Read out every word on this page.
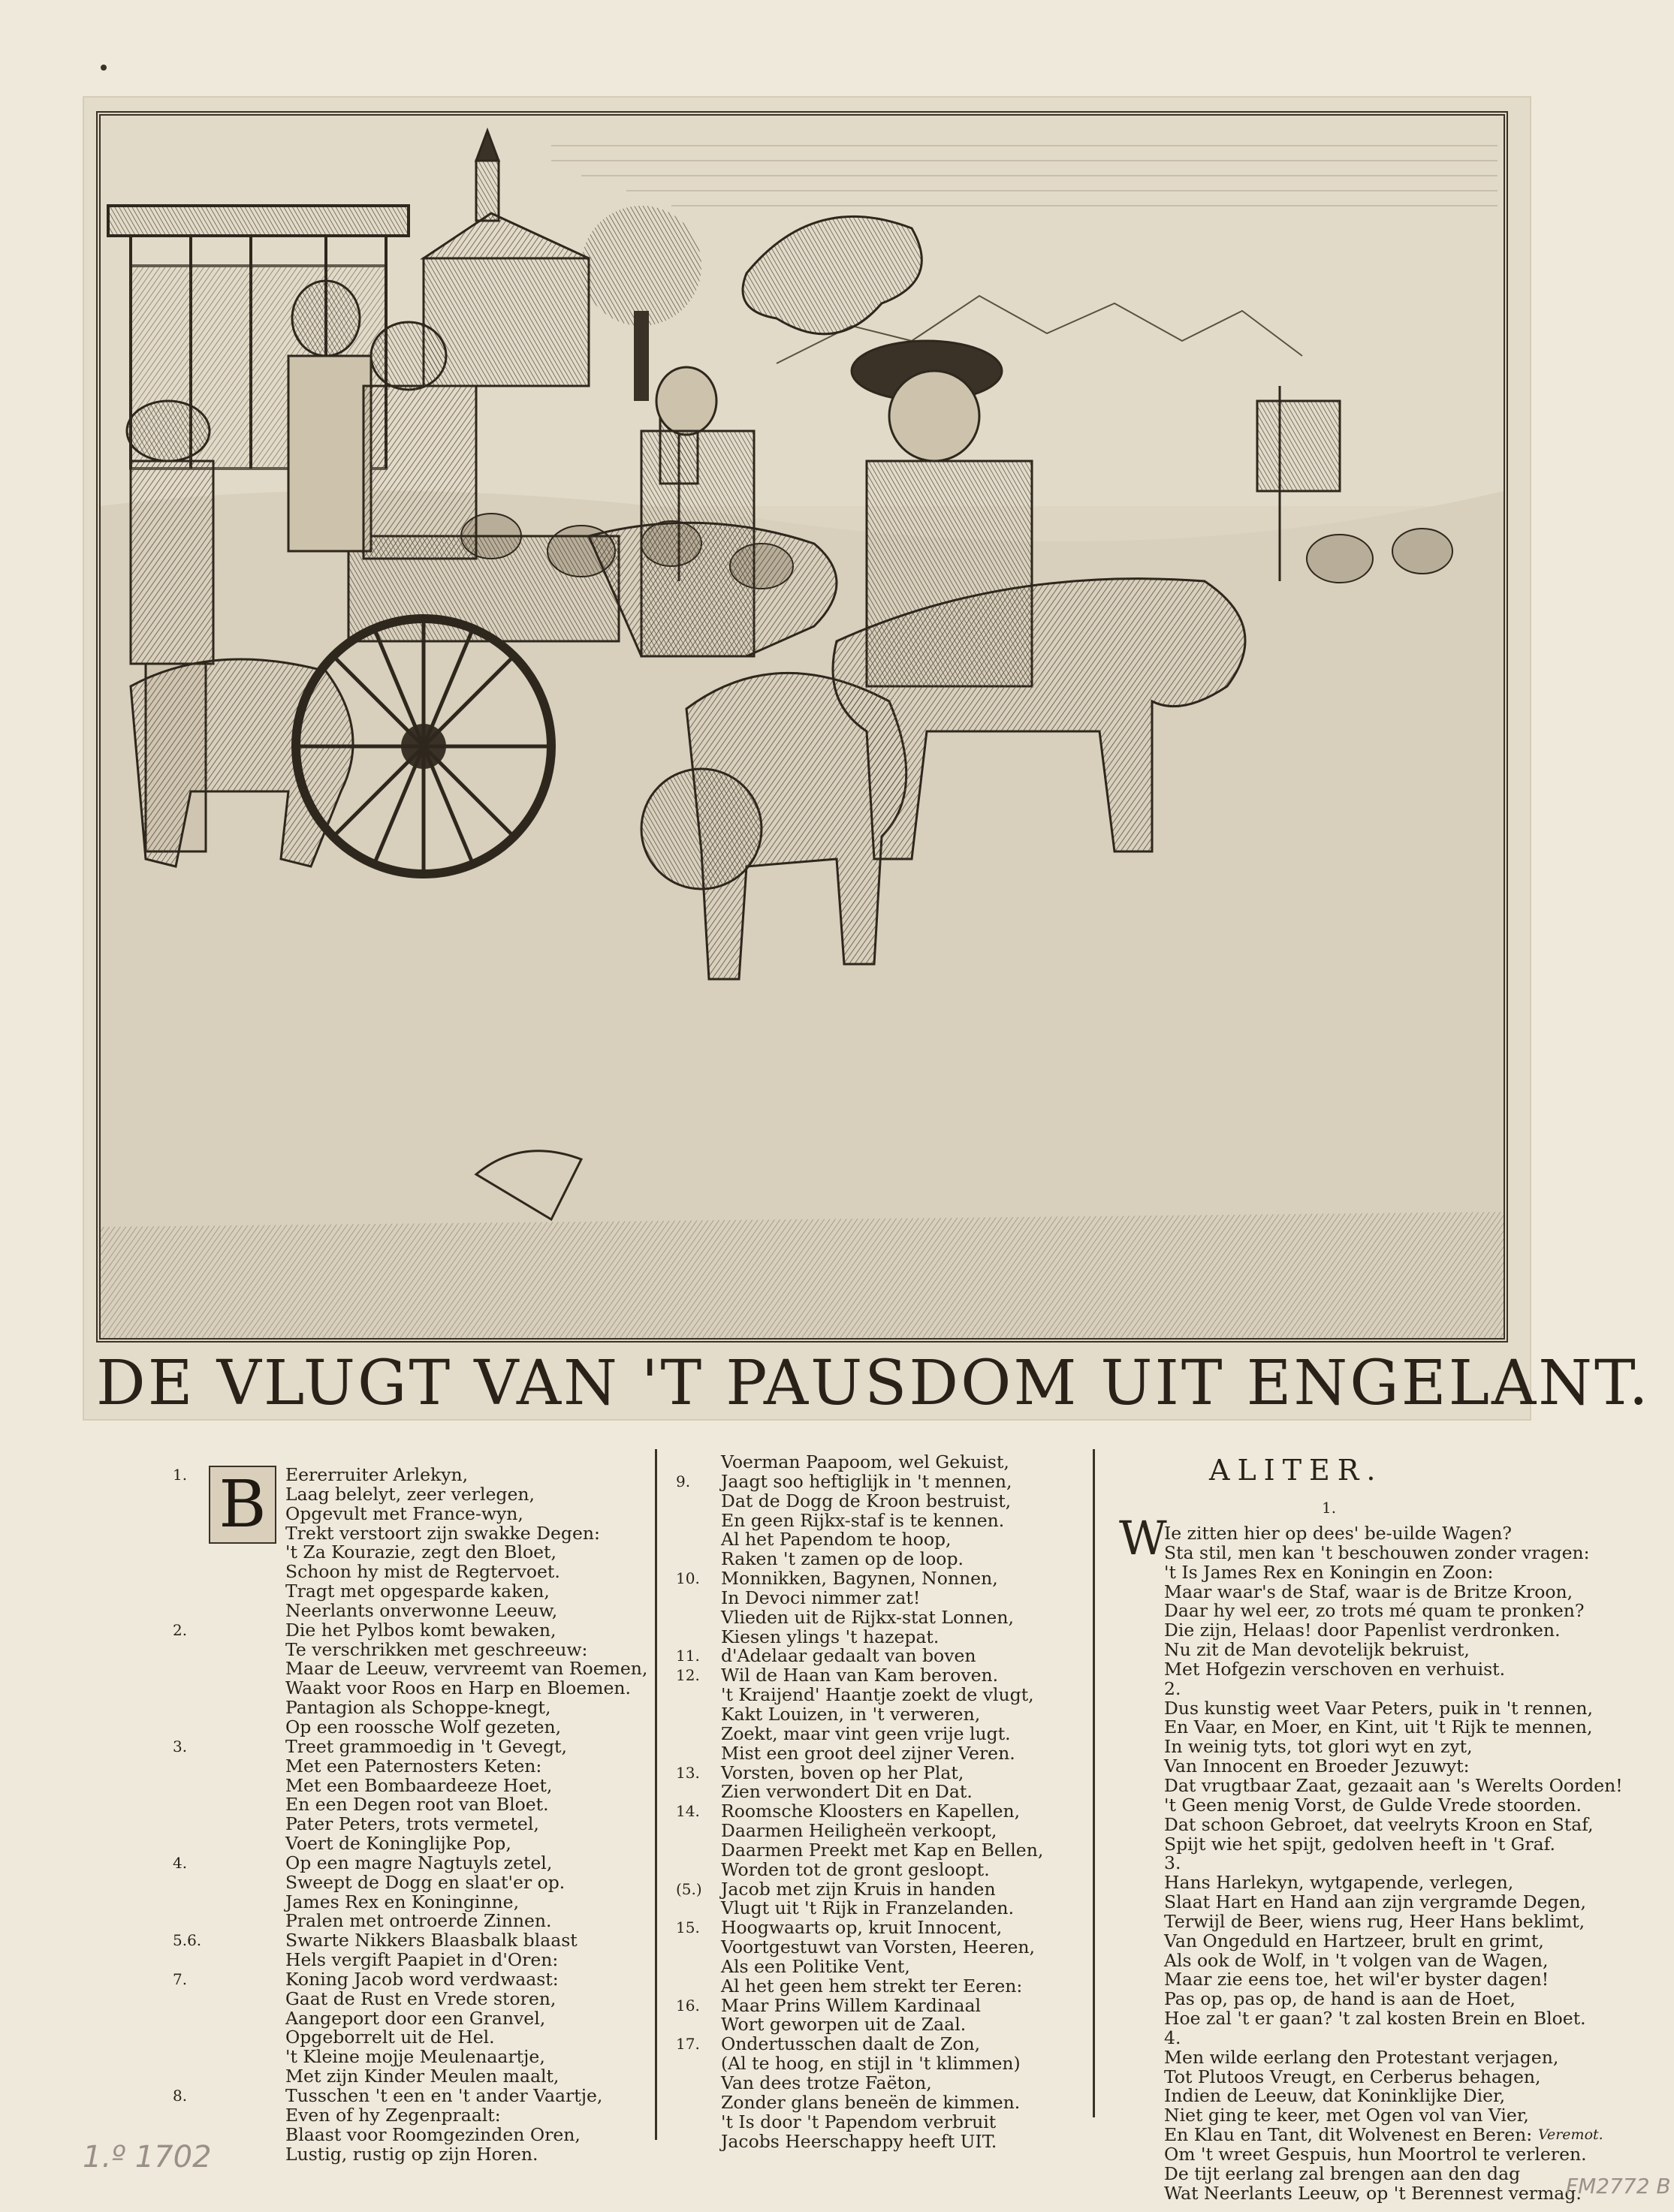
DE VLUGT VAN 'T PAUSDOM UIT ENGELANT.
B
1.

2.

3.

4.

5.6.

7.

8.
Eererruiter Arlekyn,
Laag belelyt, zeer verlegen,
Opgevult met France-wyn,
Trekt verstoort zijn swakke Degen:
't Za Kourazie, zegt den Bloet,
Schoon hy mist de Regtervoet.
Tragt met opgesparde kaken,
Neerlants onverwonne Leeuw,
Die het Pylbos komt bewaken,
Te verschrikken met geschreeuw:
Maar de Leeuw, vervreemt van Roemen,
Waakt voor Roos en Harp en Bloemen.
Pantagion als Schoppe-knegt,
Op een roossche Wolf gezeten,
Treet grammoedig in 't Gevegt,
Met een Paternosters Keten:
Met een Bombaardeeze Hoet,
En een Degen root van Bloet.
Pater Peters, trots vermetel,
Voert de Koninglijke Pop,
Op een magre Nagtuyls zetel,
Sweept de Dogg en slaat'er op.
James Rex en Koninginne,
Pralen met ontroerde Zinnen.
Swarte Nikkers Blaasbalk blaast
Hels vergift Paapiet in d'Oren:
Koning Jacob word verdwaast:
Gaat de Rust en Vrede storen,
Aangeport door een Granvel,
Opgeborrelt uit de Hel.
't Kleine mojje Meulenaartje,
Met zijn Kinder Meulen maalt,
Tusschen 't een en 't ander Vaartje,
Even of hy Zegenpraalt:
Blaast voor Roomgezinden Oren,
Lustig, rustig op zijn Horen.

9.

10.

11.
12.

13.

14.

(5.)

15.

16.

17.
Voerman Paapoom, wel Gekuist,
Jaagt soo heftiglijk in 't mennen,
Dat de Dogg de Kroon bestruist,
En geen Rijkx-staf is te kennen.
Al het Papendom te hoop,
Raken 't zamen op de loop.
Monnikken, Bagynen, Nonnen,
In Devoci nimmer zat!
Vlieden uit de Rijkx-stat Lonnen,
Kiesen ylings 't hazepat.
d'Adelaar gedaalt van boven
Wil de Haan van Kam beroven.
't Kraijend' Haantje zoekt de vlugt,
Kakt Louizen, in 't verweren,
Zoekt, maar vint geen vrije lugt.
Mist een groot deel zijner Veren.
Vorsten, boven op her Plat,
Zien verwondert Dit en Dat.
Roomsche Kloosters en Kapellen,
Daarmen Heiligheën verkoopt,
Daarmen Preekt met Kap en Bellen,
Worden tot de gront gesloopt.
Jacob met zijn Kruis in handen
Vlugt uit 't Rijk in Franzelanden.
Hoogwaarts op, kruit Innocent,
Voortgestuwt van Vorsten, Heeren,
Als een Politike Vent,
Al het geen hem strekt ter Eeren:
Maar Prins Willem Kardinaal
Wort geworpen uit de Zaal.
Ondertusschen daalt de Zon,
(Al te hoog, en stijl in 't klimmen)
Van dees trotze Faëton,
Zonder glans beneën de kimmen.
't Is door 't Papendom verbruit
Jacobs Heerschappy heeft UIT.
ALITER.
1.
W
Ie zitten hier op dees' be-uilde Wagen?
Sta stil, men kan 't beschouwen zonder vragen:
't Is James Rex en Koningin en Zoon:
Maar waar's de Staf, waar is de Britze Kroon,
Daar hy wel eer, zo trots mé quam te pronken?
Die zijn, Helaas! door Papenlist verdronken.
Nu zit de Man devotelijk bekruist,
Met Hofgezin verschoven en verhuist.
2.
Dus kunstig weet Vaar Peters, puik in 't rennen,
En Vaar, en Moer, en Kint, uit 't Rijk te mennen,
In weinig tyts, tot glori wyt en zyt,
Van Innocent en Broeder Jezuwyt:
Dat vrugtbaar Zaat, gezaait aan 's Werelts Oorden!
't Geen menig Vorst, de Gulde Vrede stoorden.
Dat schoon Gebroet, dat veelryts Kroon en Staf,
Spijt wie het spijt, gedolven heeft in 't Graf.
3.
Hans Harlekyn, wytgapende, verlegen,
Slaat Hart en Hand aan zijn vergramde Degen,
Terwijl de Beer, wiens rug, Heer Hans beklimt,
Van Ongeduld en Hartzeer, brult en grimt,
Als ook de Wolf, in 't volgen van de Wagen,
Maar zie eens toe, het wil'er byster dagen!
Pas op, pas op, de hand is aan de Hoet,
Hoe zal 't er gaan? 't zal kosten Brein en Bloet.
4.
Men wilde eerlang den Protestant verjagen,
Tot Plutoos Vreugt, en Cerberus behagen,
Indien de Leeuw, dat Koninklijke Dier,
Niet ging te keer, met Ogen vol van Vier,
En Klau en Tant, dit Wolvenest en Beren:
Om 't wreet Gespuis, hun Moortrol te verleren.
De tijt eerlang zal brengen aan den dag
Wat Neerlants Leeuw, op 't Berennest vermag.
Veremot.
1.º 1702
FM2772 B
